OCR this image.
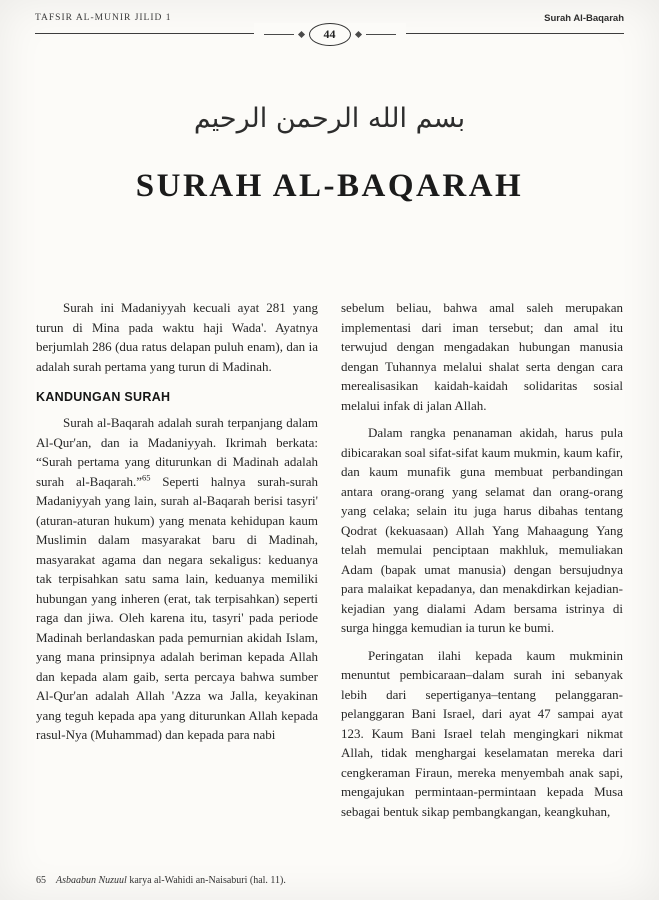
TAFSIR AL-MUNIR JILID 1	Surah Al-Baqarah
44
بسم الله الرحمن الرحيم
SURAH AL-BAQARAH

Surah ini Madaniyyah kecuali ayat 281 yang turun di Mina pada waktu haji Wada'. Ayatnya berjumlah 286 (dua ratus delapan puluh enam), dan ia adalah surah pertama yang turun di Madinah.

KANDUNGAN SURAH

Surah al-Baqarah adalah surah terpanjang dalam Al-Qur'an, dan ia Madaniyyah. Ikrimah berkata: “Surah pertama yang diturunkan di Madinah adalah surah al-Baqarah.”$^{65}$ Seperti halnya surah-surah Madaniyyah yang lain, surah al-Baqarah berisi tasyri' (aturan-aturan hukum) yang menata kehidupan kaum Muslimin dalam masyarakat baru di Madinah, masyarakat agama dan negara sekaligus: keduanya tak terpisahkan satu sama lain, keduanya memiliki hubungan yang inheren (erat, tak terpisahkan) seperti raga dan jiwa. Oleh karena itu, tasyri' pada periode Madinah berlandaskan pada pemurnian akidah Islam, yang mana prinsipnya adalah beriman kepada Allah dan kepada alam gaib, serta percaya bahwa sumber Al-Qur'an adalah Allah 'Azza wa Jalla, keyakinan yang teguh kepada apa yang diturunkan Allah kepada rasul-Nya (Muhammad) dan kepada para nabi

sebelum beliau, bahwa amal saleh merupakan implementasi dari iman tersebut; dan amal itu terwujud dengan mengadakan hubungan manusia dengan Tuhannya melalui shalat serta dengan cara merealisasikan kaidah-kaidah solidaritas sosial melalui infak di jalan Allah.

Dalam rangka penanaman akidah, harus pula dibicarakan soal sifat-sifat kaum mukmin, kaum kafir, dan kaum munafik guna membuat perbandingan antara orang-orang yang selamat dan orang-orang yang celaka; selain itu juga harus dibahas tentang Qodrat (kekuasaan) Allah Yang Mahaagung Yang telah memulai penciptaan makhluk, memuliakan Adam (bapak umat manusia) dengan bersujudnya para malaikat kepadanya, dan menakdirkan kejadian-kejadian yang dialami Adam bersama istrinya di surga hingga kemudian ia turun ke bumi.

Peringatan ilahi kepada kaum mukminin menuntut pembicaraan–dalam surah ini sebanyak lebih dari sepertiganya–tentang pelanggaran-pelanggaran Bani Israel, dari ayat 47 sampai ayat 123. Kaum Bani Israel telah mengingkari nikmat Allah, tidak menghargai keselamatan mereka dari cengkeraman Firaun, mereka menyembah anak sapi, mengajukan permintaan-permintaan kepada Musa sebagai bentuk sikap pembangkangan, keangkuhan,

65 Asbaabun Nuzuul karya al-Wahidi an-Naisaburi (hal. 11).
